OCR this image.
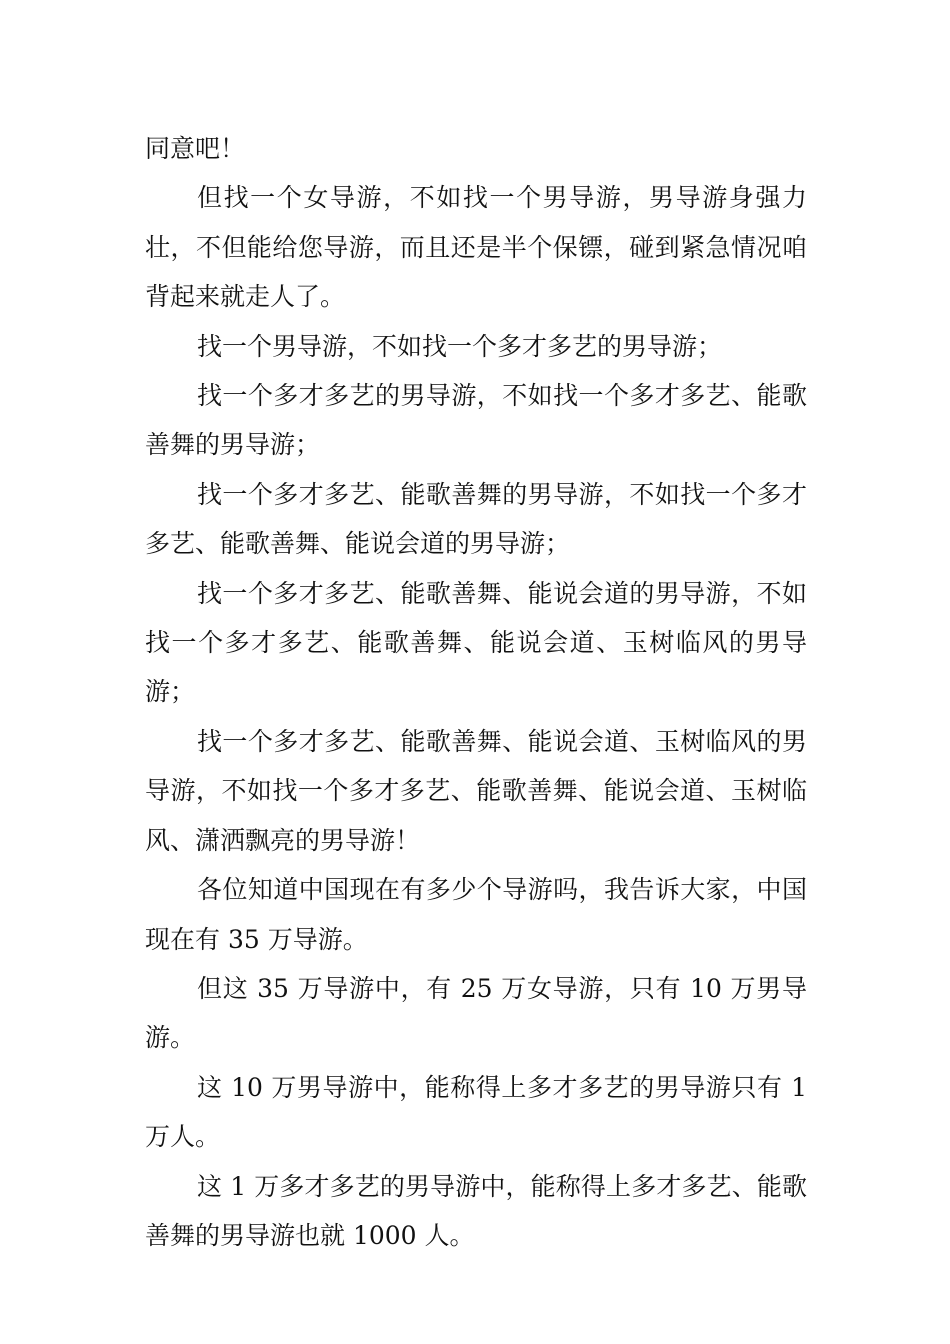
同意吧！

但找一个女导游，不如找一个男导游，男导游身强力壮，不但能给您导游，而且还是半个保镖，碰到紧急情况咱背起来就走人了。

找一个男导游，不如找一个多才多艺的男导游；

找一个多才多艺的男导游，不如找一个多才多艺、能歌善舞的男导游；

找一个多才多艺、能歌善舞的男导游，不如找一个多才多艺、能歌善舞、能说会道的男导游；

找一个多才多艺、能歌善舞、能说会道的男导游，不如找一个多才多艺、能歌善舞、能说会道、玉树临风的男导游；

找一个多才多艺、能歌善舞、能说会道、玉树临风的男导游，不如找一个多才多艺、能歌善舞、能说会道、玉树临风、潇洒飘亮的男导游！

各位知道中国现在有多少个导游吗，我告诉大家，中国现在有 35 万导游。

但这 35 万导游中，有 25 万女导游，只有 10 万男导游。

这 10 万男导游中，能称得上多才多艺的男导游只有 1 万人。

这 1 万多才多艺的男导游中，能称得上多才多艺、能歌善舞的男导游也就 1000 人。
